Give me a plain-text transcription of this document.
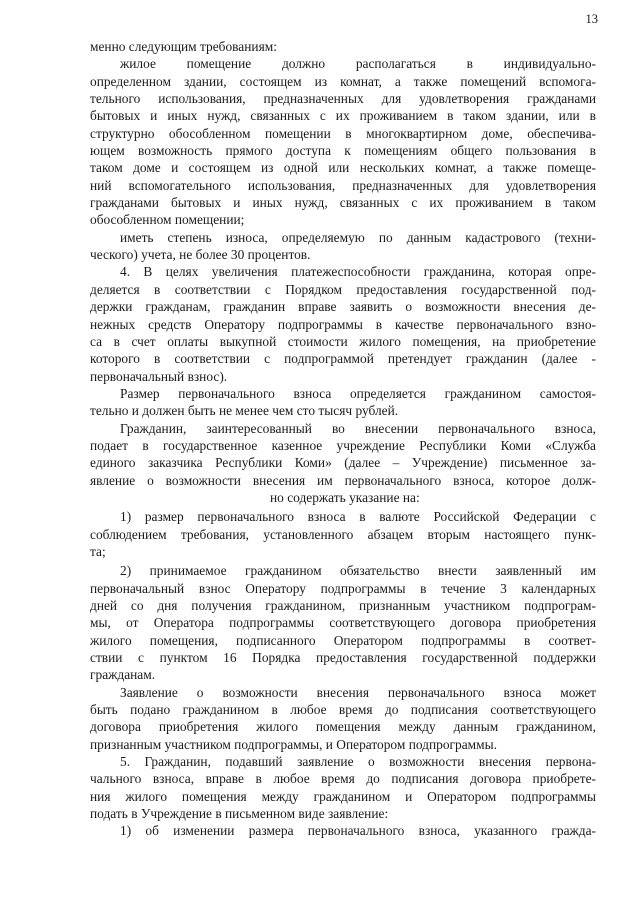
13
менно следующим требованиям:
жилое помещение должно располагаться в индивидуально-
определенном здании, состоящем из комнат, а также помещений вспомога-
тельного использования, предназначенных для удовлетворения гражданами
бытовых и иных нужд, связанных с их проживанием в таком здании, или в
структурно обособленном помещении в многоквартирном доме, обеспечива-
ющем возможность прямого доступа к помещениям общего пользования в
таком доме и состоящем из одной или нескольких комнат, а также помеще-
ний вспомогательного использования, предназначенных для удовлетворения
гражданами бытовых и иных нужд, связанных с их проживанием в таком
обособленном помещении;
иметь степень износа, определяемую по данным кадастрового (техни-
ческого) учета, не более 30 процентов.
4. В целях увеличения платежеспособности гражданина, которая опре-
деляется в соответствии с Порядком предоставления государственной под-
держки гражданам, гражданин вправе заявить о возможности внесения де-
нежных средств Оператору подпрограммы в качестве первоначального взно-
са в счет оплаты выкупной стоимости жилого помещения, на приобретение
которого в соответствии с подпрограммой претендует гражданин (далее -
первоначальный взнос).
Размер первоначального взноса определяется гражданином самостоя-
тельно и должен быть не менее чем сто тысяч рублей.
Гражданин, заинтересованный во внесении первоначального взноса,
подает в государственное казенное учреждение Республики Коми «Служба
единого заказчика Республики Коми» (далее – Учреждение) письменное за-
явление о возможности внесения им первоначального взноса, которое долж-
но содержать указание на:
1) размер первоначального взноса в валюте Российской Федерации с
соблюдением требования, установленного абзацем вторым настоящего пунк-
та;
2) принимаемое гражданином обязательство внести заявленный им
первоначальный взнос Оператору подпрограммы в течение 3 календарных
дней со дня получения гражданином, признанным участником подпрограм-
мы, от Оператора подпрограммы соответствующего договора приобретения
жилого помещения, подписанного Оператором подпрограммы в соответ-
ствии с пунктом 16 Порядка предоставления государственной поддержки
гражданам.
Заявление о возможности внесения первоначального взноса может
быть подано гражданином в любое время до подписания соответствующего
договора приобретения жилого помещения между данным гражданином,
признанным участником подпрограммы, и Оператором подпрограммы.
5. Гражданин, подавший заявление о возможности внесения первона-
чального взноса, вправе в любое время до подписания договора приобрете-
ния жилого помещения между гражданином и Оператором подпрограммы
подать в Учреждение в письменном виде заявление:
1) об изменении размера первоначального взноса, указанного гражда-
